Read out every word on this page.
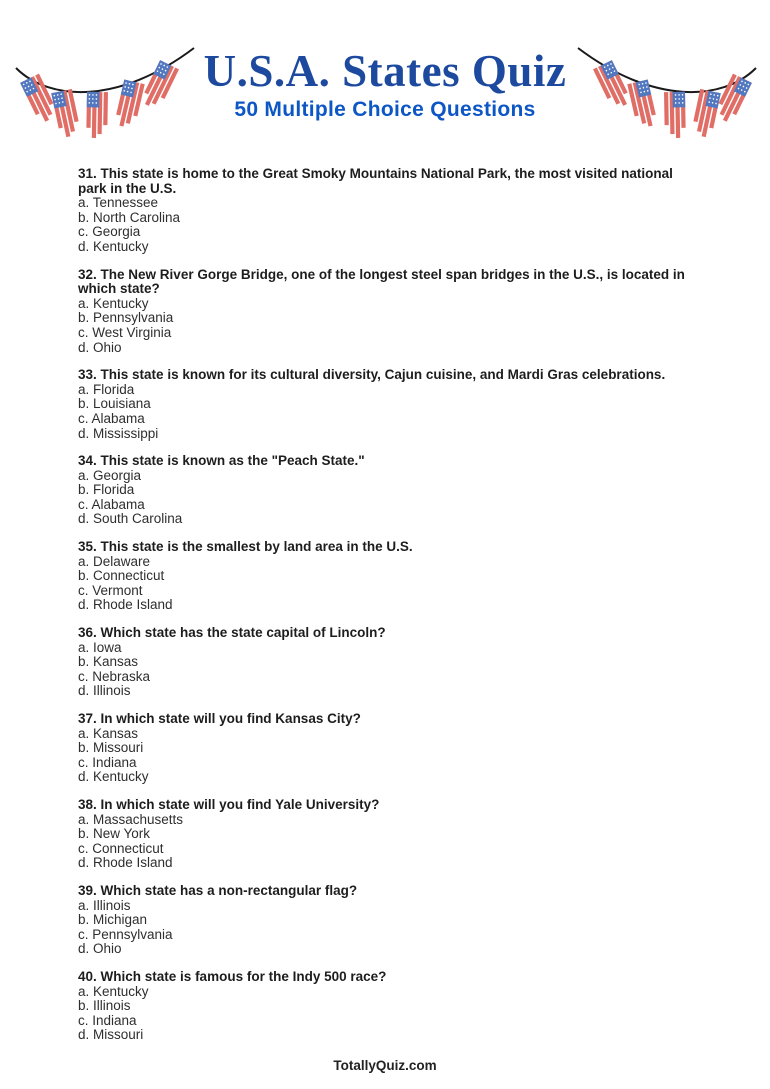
U.S.A. States Quiz
50 Multiple Choice Questions

31. This state is home to the Great Smoky Mountains National Park, the most visited national park in the U.S.

a. Tennessee
b. North Carolina
c. Georgia
d. Kentucky

32. The New River Gorge Bridge, one of the longest steel span bridges in the U.S., is located in which state?

a. Kentucky
b. Pennsylvania
c. West Virginia
d. Ohio

33. This state is known for its cultural diversity, Cajun cuisine, and Mardi Gras celebrations.

a. Florida
b. Louisiana
c. Alabama
d. Mississippi

34. This state is known as the "Peach State."

a. Georgia
b. Florida
c. Alabama
d. South Carolina

35. This state is the smallest by land area in the U.S.

a. Delaware
b. Connecticut
c. Vermont
d. Rhode Island

36. Which state has the state capital of Lincoln?

a. Iowa
b. Kansas
c. Nebraska
d. Illinois

37. In which state will you find Kansas City?

a. Kansas
b. Missouri
c. Indiana
d. Kentucky

38. In which state will you find Yale University?

a. Massachusetts
b. New York
c. Connecticut
d. Rhode Island

39. Which state has a non-rectangular flag?

a. Illinois
b. Michigan
c. Pennsylvania
d. Ohio

40. Which state is famous for the Indy 500 race?

a. Kentucky
b. Illinois
c. Indiana
d. Missouri
TotallyQuiz.com
